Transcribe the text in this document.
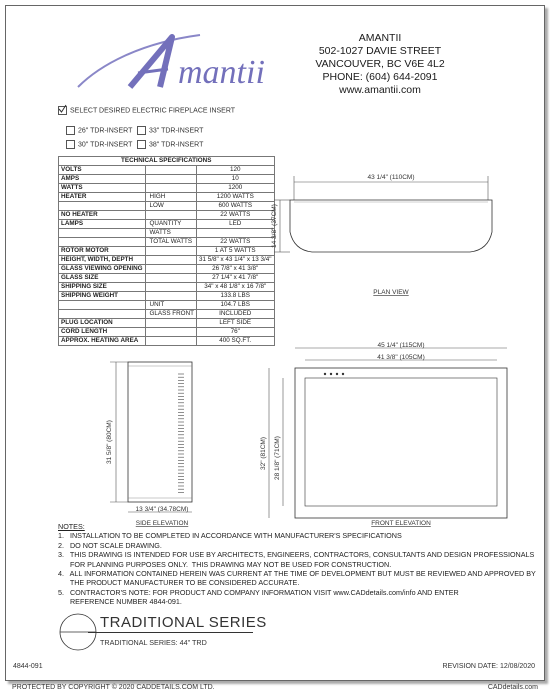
mantii
AMANTII
502-1027 DAVIE STREET
VANCOUVER, BC V6E 4L2
PHONE: (604) 644-2091
www.amantii.com
SELECT DESIRED ELECTRIC FIREPLACE INSERT
26" TDR-INSERT	33" TDR-INSERT
30" TDR-INSERT	38" TDR-INSERT
TECHNICAL SPECIFICATIONS		
VOLTS		120
AMPS		10
WATTS		1200
HEATER	HIGH	1200 WATTS
	LOW	600 WATTS
NO HEATER		22 WATTS
LAMPS	QUANTITY	LED
	WATTS	
	TOTAL WATTS	22 WATTS
ROTOR MOTOR		1 AT 5 WATTS
HEIGHT, WIDTH, DEPTH		31 5/8" x 43 1/4" x 13 3/4"
GLASS VIEWING OPENING		26 7/8" x 41 3/8"
GLASS SIZE		27 1/4" x 41 7/8"
SHIPPING SIZE		34" x 48 1/8" x 16 7/8"
SHIPPING WEIGHT		133.8 LBS
	UNIT	104.7 LBS
	GLASS FRONT	INCLUDED
PLUG LOCATION		LEFT SIDE
CORD LENGTH		76"
APPROX. HEATING AREA		400 SQ.FT.
43 1/4" (110CM)
14 3/8" (37CM)
PLAN VIEW
31 5/8" (80CM)
13 3/4" (34.78CM)
SIDE ELEVATION
45 1/4" (115CM)
41 3/8" (105CM)
32" (81CM) 28 1/8" (71CM)
FRONT ELEVATION
NOTES:
1.   INSTALLATION TO BE COMPLETED IN ACCORDANCE WITH MANUFACTURER'S SPECIFICATIONS
2.   DO NOT SCALE DRAWING.
3.   THIS DRAWING IS INTENDED FOR USE BY ARCHITECTS, ENGINEERS, CONTRACTORS, CONSULTANTS AND DESIGN PROFESSIONALS
FOR PLANNING PURPOSES ONLY.  THIS DRAWING MAY NOT BE USED FOR CONSTRUCTION.
4.   ALL INFORMATION CONTAINED HEREIN WAS CURRENT AT THE TIME OF DEVELOPMENT BUT MUST BE REVIEWED AND APPROVED BY
THE PRODUCT MANUFACTURER TO BE CONSIDERED ACCURATE.
5.   CONTRACTOR'S NOTE: FOR PRODUCT AND COMPANY INFORMATION VISIT www.CADdetails.com/info AND ENTER
REFERENCE NUMBER 4844-091.
TRADITIONAL SERIES
TRADITIONAL SERIES: 44" TRD
4844-091	REVISION DATE: 12/08/2020
PROTECTED BY COPYRIGHT © 2020 CADDETAILS.COM LTD.	CADdetails.com
